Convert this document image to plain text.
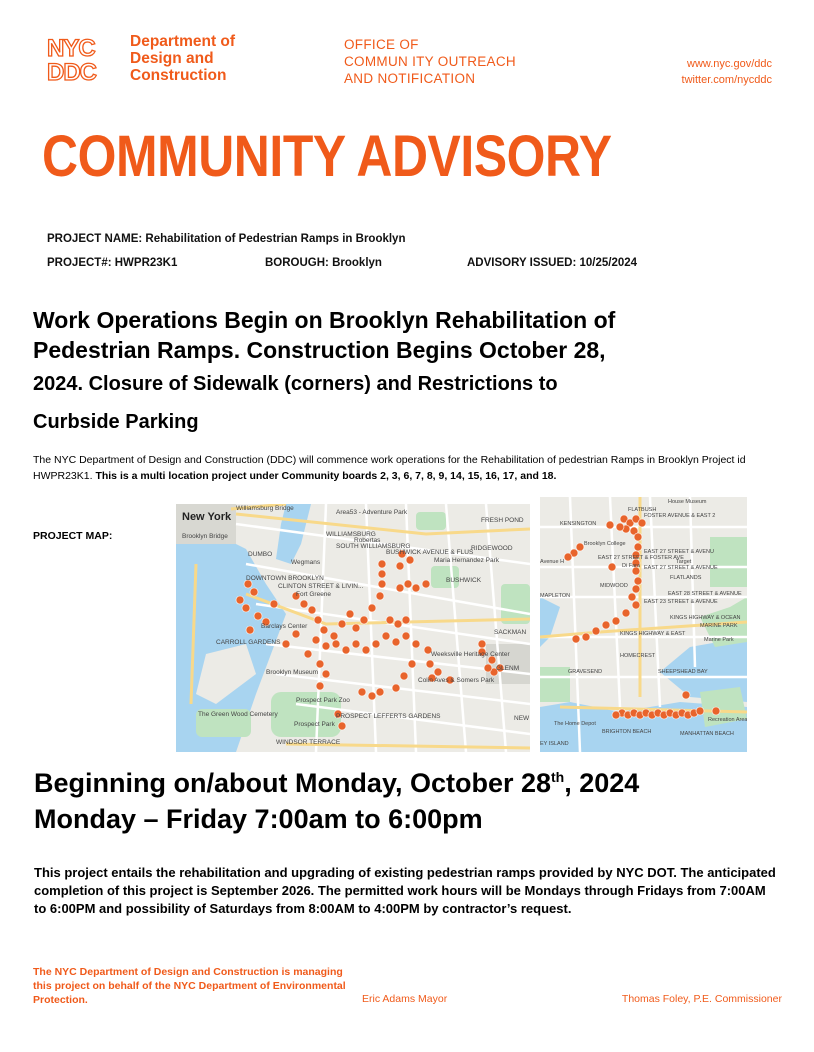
NYC
DDC
Department of
Design and
Construction
OFFICE OF
COMMUN ITY OUTREACH
AND NOTIFICATION
www.nyc.gov/ddc
twitter.com/nycddc
COMMUNITY ADVISORY
PROJECT NAME: Rehabilitation of Pedestrian Ramps in Brooklyn
PROJECT#: HWPR23K1	BOROUGH: Brooklyn	ADVISORY ISSUED: 10/25/2024
Work Operations Begin on Brooklyn Rehabilitation of
Pedestrian Ramps. Construction Begins October 28,
2024. Closure of Sidewalk (corners) and Restrictions to
Curbside Parking
The NYC Department of Design and Construction (DDC) will commence work operations for the Rehabilitation of pedestrian Ramps in Brooklyn Project id HWPR23K1. This is a multi location project under Community boards 2, 3, 6, 7, 8, 9, 14, 15, 16, 17, and 18.
PROJECT MAP:
New York
Williamsburg Bridge
Brooklyn Bridge
DUMBO
WILLIAMSBURG
Area53 - Adventure Park
FRESH POND
SOUTH WILLIAMSBURG
Robertas
BUSHWICK AVENUE & FLUS
RIDGEWOOD
Maria Hernandez Park
Wegmans
BUSHWICK
DOWNTOWN BROOKLYN
CLINTON STREET & LIVIN...
Fort Greene
Barclays Center
CARROLL GARDENS
Brooklyn Museum
Weeksville Heritage Center
SACKMAN
GLENM
Prospect Park Zoo
Colin Aves & Somers Park
The Green Wood Cemetery
Prospect Park
PROSPECT LEFFERTS GARDENS
WINDSOR TERRACE
NEW
House Museum
FLATBUSH
KENSINGTON
FOSTER AVENUE & EAST 2
Brooklyn College
EAST 27 STREET & AVENU
Target
Avenue H
EAST 27 STREET & FOSTER AVE
Di Fara EAST 27 STREET & AVENUE
FLATLANDS
MIDWOOD
EAST 28 STREET & AVENUE
MAPLETON
EAST 23 STREET & AVENUE
KINGS HIGHWAY & OCEAN
MARINE PARK
KINGS HIGHWAY & EAST
Marine Park
HOMECREST
GRAVESEND	SHEEPSHEAD BAY
The Home Depot
BRIGHTON BEACH	MANHATTAN BEACH
EY ISLAND
Recreation Area
Beginning on/about Monday, October 28th, 2024
Monday – Friday 7:00am to 6:00pm
This project entails the rehabilitation and upgrading of existing pedestrian ramps provided by NYC DOT. The anticipated completion of this project is September 2026. The permitted work hours will be Mondays through Fridays from 7:00AM to 6:00PM and possibility of Saturdays from 8:00AM to 4:00PM by contractor’s request.
The NYC Department of Design and Construction is managing this project on behalf of the NYC Department of Environmental Protection.	Eric Adams Mayor	Thomas Foley, P.E. Commissioner
